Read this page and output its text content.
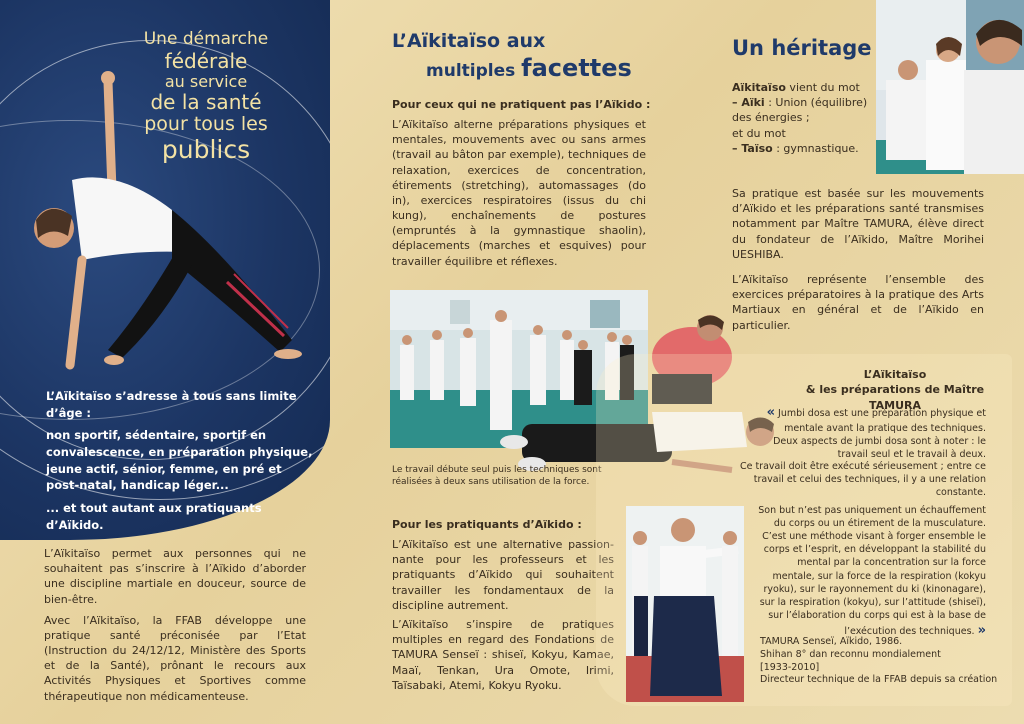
Une démarche
fédérale
au service
de la santé
pour tous les
publics

L’Aïkitaïso s’adresse à tous sans limite d’âge :

non sportif, sédentaire, sportif en convalescence, en préparation physique, jeune actif, sénior, femme, en pré et post-natal, handicap léger...

... et tout autant aux pratiquants d’Aïkido.

L’Aïkitaïso permet aux personnes qui ne souhaitent pas s’inscrire à l’Aïkido d’aborder une discipline martiale en douceur, source de bien-être.

Avec l’Aïkitaïso, la FFAB développe une pratique santé préconisée par l’Etat (Instruction du 24/12/12, Ministère des Sports et de la Santé), prônant le recours aux Activités Physiques et Sportives comme thérapeutique non médicamenteuse.

L’Aïkitaïso aux
multiples facettes
Pour ceux qui ne pratiquent pas l’Aïkido :
L’Aïkitaïso alterne préparations physiques et mentales, mouvements avec ou sans armes (travail au bâton par exemple), techniques de relaxation, exercices de concentration, étirements (stretching), automassages (do in), exercices respiratoires (issus du chi kung), enchaînements de postures (empruntés à la gymnastique shaolin), déplacements (marches et esquives) pour travailler équilibre et réflexes.
Le travail débute seul puis les techniques sont réalisées à deux sans utilisation de la force.
Pour les pratiquants d’Aïkido :
L’Aïkitaïso est une alternative passion-nante pour les professeurs et les pratiquants d’Aïkido qui souhaitent travailler les fondamentaux de la discipline autrement.
L’Aïkitaïso s’inspire de pratiques multiples en regard des Fondations de TAMURA Senseï : shiseï, Kokyu, Kamae, Maaï, Tenkan, Ura Omote, Irimi, Taïsabaki, Atemi, Kokyu Ryoku.
Un héritage
Aïkitaïso vient du mot
– Aïki : Union (équilibre) des énergies ;
et du mot
– Taïso : gymnastique.
Sa pratique est basée sur les mouvements d’Aïkido et les préparations santé transmises notamment par Maître TAMURA, élève direct du fondateur de l’Aïkido, Maître Morihei UESHIBA.
L’Aïkitaïso représente l’ensemble des exercices préparatoires à la pratique des Arts Martiaux en général et de l’Aïkido en particulier.
L’Aïkitaïso
& les préparations de Maître TAMURA
« Jumbi dosa est une préparation physique et mentale avant la pratique des techniques. Deux aspects de jumbi dosa sont à noter : le travail seul et le travail à deux.
Ce travail doit être exécuté sérieusement ; entre ce travail et celui des techniques, il y a une relation constante.
Son but n’est pas uniquement un échauffement du corps ou un étirement de la musculature. C’est une méthode visant à forger ensemble le corps et l’esprit, en développant la stabilité du mental par la concentration sur la force mentale, sur la force de la respiration (kokyu ryoku), sur le rayonnement du ki (kinonagare), sur la respiration (kokyu), sur l’attitude (shiseï), sur l’élaboration du corps qui est à la base de l’exécution des techniques. »
TAMURA Senseï, Aïkido, 1986.
Shihan 8° dan reconnu mondialement
[1933-2010]
Directeur technique de la FFAB depuis sa création
